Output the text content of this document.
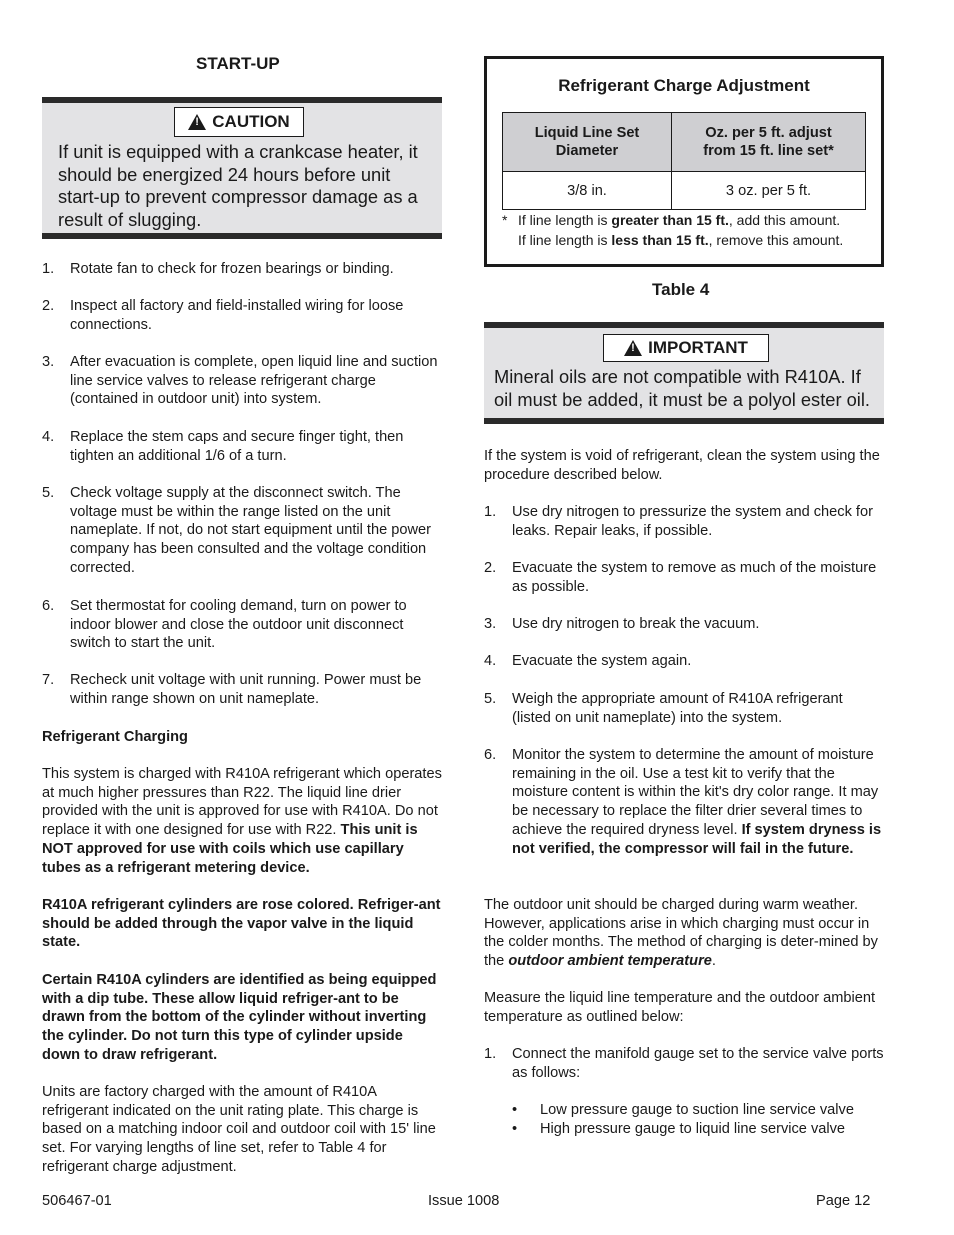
START-UP
!
CAUTION
If unit is equipped with a crankcase heater, it should be energized 24 hours before unit start-up to prevent compressor damage as a result of slugging.
1. Rotate fan to check for frozen bearings or binding.
2. Inspect all factory and field-installed wiring for loose connections.
3. After evacuation is complete, open liquid line and suction line service valves to release refrigerant charge (contained in outdoor unit) into system.
4. Replace the stem caps and secure finger tight, then tighten an additional 1/6 of a turn.
5. Check voltage supply at the disconnect switch. The voltage must be within the range listed on the unit nameplate. If not, do not start equipment until the power company has been consulted and the voltage condition corrected.
6. Set thermostat for cooling demand, turn on power to indoor blower and close the outdoor unit disconnect switch to start the unit.
7. Recheck unit voltage with unit running. Power must be within range shown on unit nameplate.
Refrigerant Charging
This system is charged with R410A refrigerant which operates at much higher pressures than R22. The liquid line drier provided with the unit is approved for use with R410A. Do not replace it with one designed for use with R22. This unit is NOT approved for use with coils which use capillary tubes as a refrigerant metering device.
R410A refrigerant cylinders are rose colored. Refriger-ant should be added through the vapor valve in the liquid state.
Certain R410A cylinders are identified as being equipped with a dip tube. These allow liquid refriger-ant to be drawn from the bottom of the cylinder without inverting the cylinder. Do not turn this type of cylinder upside down to draw refrigerant.
Units are factory charged with the amount of R410A refrigerant indicated on the unit rating plate. This charge is based on a matching indoor coil and outdoor coil with 15' line set. For varying lengths of line set, refer to Table 4 for refrigerant charge adjustment.
Refrigerant Charge Adjustment
Liquid Line Set Diameter	Oz. per 5 ft. adjust from 15 ft. line set*
3/8 in.	3 oz. per 5 ft.
* If line length is greater than 15 ft., add this amount.
If line length is less than 15 ft., remove this amount.
Table 4
!
IMPORTANT
Mineral oils are not compatible with R410A. If oil must be added, it must be a polyol ester oil.
If the system is void of refrigerant, clean the system using the procedure described below.
1. Use dry nitrogen to pressurize the system and check for leaks. Repair leaks, if possible.
2. Evacuate the system to remove as much of the moisture as possible.
3. Use dry nitrogen to break the vacuum.
4. Evacuate the system again.
5. Weigh the appropriate amount of R410A refrigerant (listed on unit nameplate) into the system.
6. Monitor the system to determine the amount of moisture remaining in the oil. Use a test kit to verify that the moisture content is within the kit's dry color range. It may be necessary to replace the filter drier several times to achieve the required dryness level. If system dryness is not verified, the compressor will fail in the future.
The outdoor unit should be charged during warm weather. However, applications arise in which charging must occur in the colder months. The method of charging is deter-mined by the outdoor ambient temperature.
Measure the liquid line temperature and the outdoor ambient temperature as outlined below:
1. Connect the manifold gauge set to the service valve ports as follows:
• Low pressure gauge to suction line service valve
• High pressure gauge to liquid line service valve
506467-01	Issue 1008	Page 12
